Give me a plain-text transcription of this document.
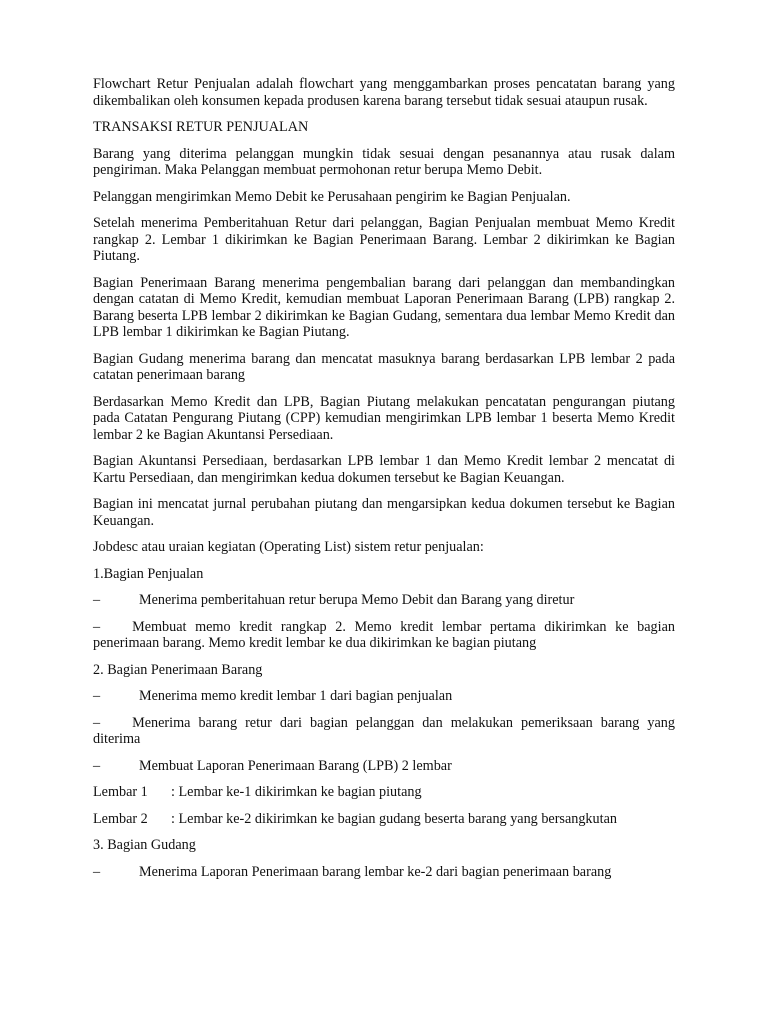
Flowchart Retur Penjualan adalah flowchart yang menggambarkan proses pencatatan barang yang dikembalikan oleh konsumen kepada produsen karena barang tersebut tidak sesuai ataupun rusak.

TRANSAKSI RETUR PENJUALAN

Barang yang diterima pelanggan mungkin tidak sesuai dengan pesanannya atau rusak dalam pengiriman. Maka Pelanggan membuat permohonan retur berupa Memo Debit.

Pelanggan mengirimkan Memo Debit ke Perusahaan pengirim ke Bagian Penjualan.

Setelah menerima Pemberitahuan Retur dari pelanggan, Bagian Penjualan membuat Memo Kredit rangkap 2. Lembar 1 dikirimkan ke Bagian Penerimaan Barang. Lembar 2 dikirimkan ke Bagian Piutang.

Bagian Penerimaan Barang menerima pengembalian barang dari pelanggan dan membandingkan dengan catatan di Memo Kredit, kemudian membuat Laporan Penerimaan Barang (LPB) rangkap 2. Barang beserta LPB lembar 2 dikirimkan ke Bagian Gudang, sementara dua lembar Memo Kredit dan LPB lembar 1 dikirimkan ke Bagian Piutang.

Bagian Gudang menerima barang dan mencatat masuknya barang berdasarkan LPB lembar 2 pada catatan penerimaan barang

Berdasarkan Memo Kredit dan LPB, Bagian Piutang melakukan pencatatan pengurangan piutang pada Catatan Pengurang Piutang (CPP) kemudian mengirimkan LPB lembar 1 beserta Memo Kredit lembar 2 ke Bagian Akuntansi Persediaan.

Bagian Akuntansi Persediaan, berdasarkan LPB lembar 1 dan Memo Kredit lembar 2 mencatat di Kartu Persediaan, dan mengirimkan kedua dokumen tersebut ke Bagian Keuangan.

Bagian ini mencatat jurnal perubahan piutang dan mengarsipkan kedua dokumen tersebut ke Bagian Keuangan.

Jobdesc atau uraian kegiatan (Operating List) sistem retur penjualan:

1.Bagian Penjualan

–	Menerima pemberitahuan retur berupa Memo Debit dan Barang yang diretur

– Membuat memo kredit rangkap 2. Memo kredit lembar pertama dikirimkan ke bagian penerimaan barang. Memo kredit lembar ke dua dikirimkan ke bagian piutang

2. Bagian Penerimaan Barang

–	Menerima memo kredit lembar 1 dari bagian penjualan

– Menerima barang retur dari bagian pelanggan dan melakukan pemeriksaan barang yang diterima

–	Membuat Laporan Penerimaan Barang (LPB) 2 lembar

Lembar 1	: Lembar ke-1 dikirimkan ke bagian piutang

Lembar 2	: Lembar ke-2 dikirimkan ke bagian gudang beserta barang yang bersangkutan

3. Bagian Gudang

–	Menerima Laporan Penerimaan barang lembar ke-2 dari bagian penerimaan barang
